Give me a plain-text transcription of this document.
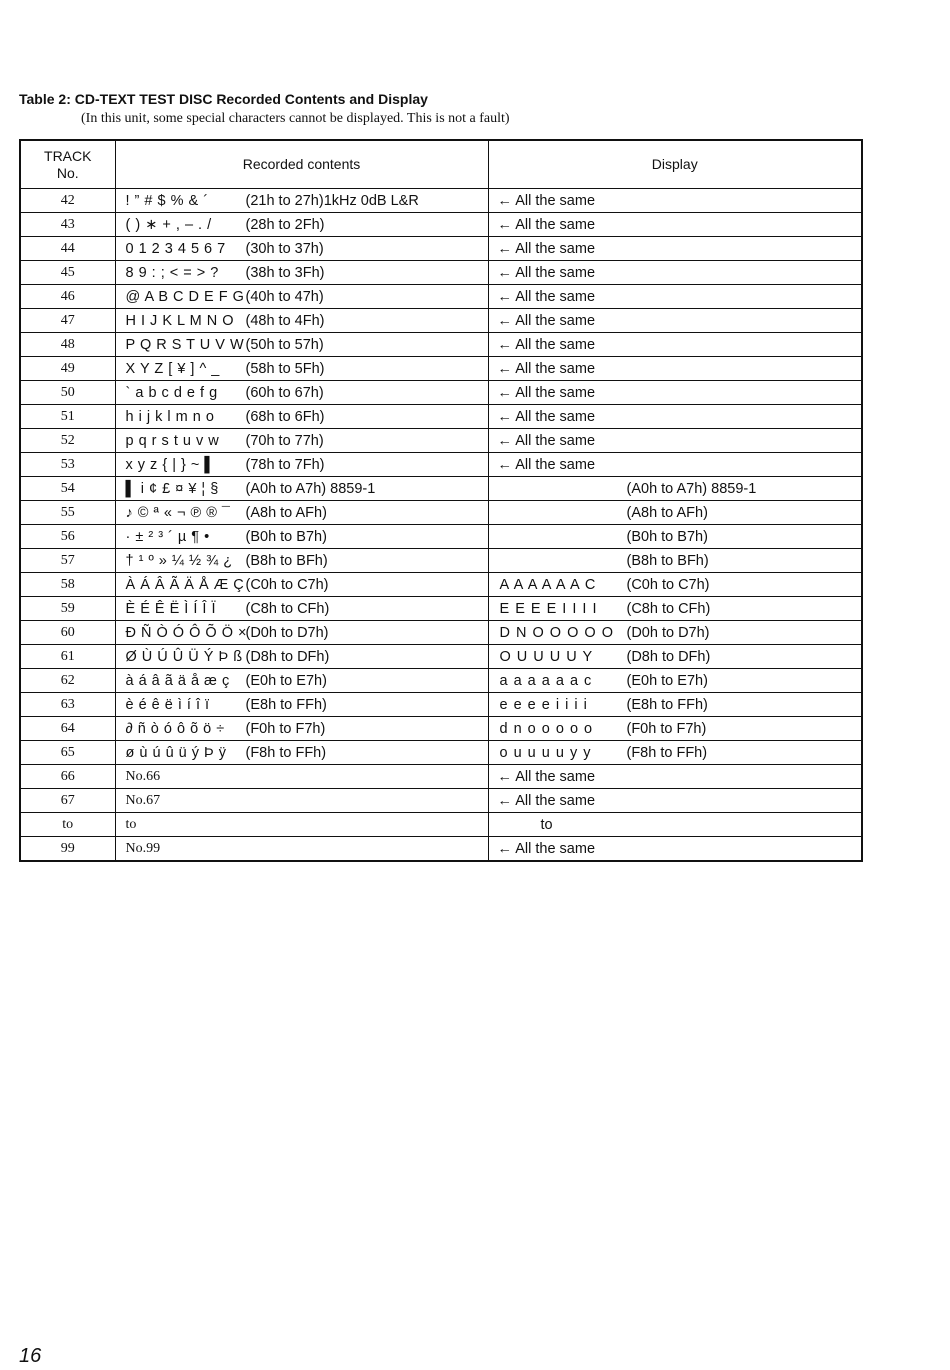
Table 2: CD-TEXT TEST DISC Recorded Contents and Display
(In this unit, some special characters cannot be displayed. This is not a fault)
TRACK
No.	Recorded contents	Display
42	! ” # $ % & ´ (21h to 27h)1kHz 0dB L&R	← All the same
43	( ) ∗ + , – . / (28h to 2Fh)	← All the same
44	0 1 2 3 4 5 6 7 (30h to 37h)	← All the same
45	8 9 : ; < = > ? (38h to 3Fh)	← All the same
46	@ A B C D E F G(40h to 47h)	← All the same
47	H I J K L M N O (48h to 4Fh)	← All the same
48	P Q R S T U V W(50h to 57h)	← All the same
49	X Y Z [ ¥ ] ^ _ (58h to 5Fh)	← All the same
50	` a b c d e f g (60h to 67h)	← All the same
51	h i j k l m n o (68h to 6Fh)	← All the same
52	p q r s t u v w (70h to 77h)	← All the same
53	x y z { | } ~ ▌ (78h to 7Fh)	← All the same
54	▌ i ¢ £ ¤ ¥ ¦ § (A0h to A7h) 8859-1	(A0h to A7h) 8859-1
55	♪ © ª « ¬ ℗ ® ¯ (A8h to AFh)	(A8h to AFh)
56	· ± ² ³ ´ µ ¶ • (B0h to B7h)	(B0h to B7h)
57	† ¹ º » ¼ ½ ¾ ¿ (B8h to BFh)	(B8h to BFh)
58	À Á Â Ã Ä Å Æ Ç(C0h to C7h)	A A A A A A C (C0h to C7h)
59	È É Ê Ë Ì Í Î Ï (C8h to CFh)	E E E E I I I I (C8h to CFh)
60	Ð Ñ Ò Ó Ô Õ Ö ×(D0h to D7h)	D N O O O O O (D0h to D7h)
61	Ø Ù Ú Û Ü Ý Þ ß (D8h to DFh)	O U U U U Y (D8h to DFh)
62	à á â ã ä å æ ç (E0h to E7h)	a a a a a a c (E0h to E7h)
63	è é ê ë ì í î ï (E8h to FFh)	e e e e i i i i (E8h to FFh)
64	∂ ñ ò ó ô õ ö ÷ (F0h to F7h)	d n o o o o o (F0h to F7h)
65	ø ù ú û ü ý Þ ÿ (F8h to FFh)	o u u u u y y (F8h to FFh)
66	No.66	← All the same
67	No.67	← All the same
to	to	to
99	No.99	← All the same
16
